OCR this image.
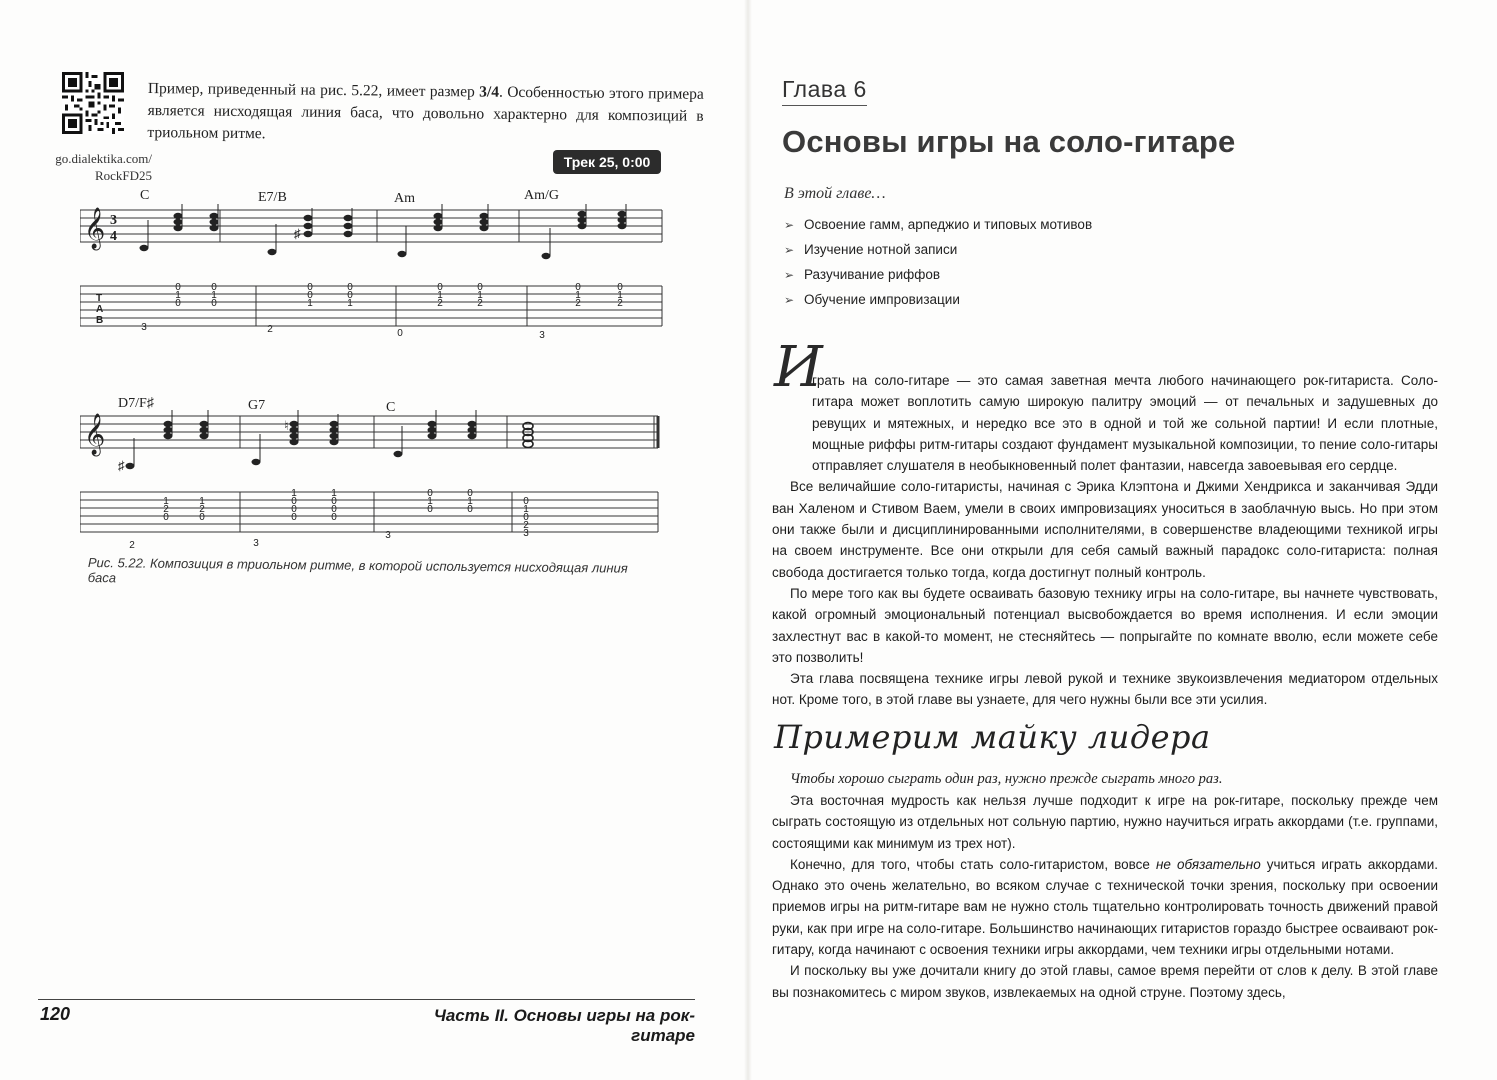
go.dialektika.com/
RockFD25
Пример, приведенный на рис. 5.22, имеет размер 3/4. Особенностью этого примера является нисходящая линия баса, что довольно характерно для композиций в триольном ритме.
Трек 25, 0:00
C	E7/B	Am	Am/G
𝄞 3
4	♯
T
A
B
3
0
1
0
0
1
0
2
0
0
1
0
0
1
0
0
1
2
0
1
2
3
0
1
2
0
1
2
D7/F♯	G7	C
𝄞
♯
♮
2
1
2
0
1
2
0
3
1
0
0
0
1
0
0
0
3
0
1
0
0
1
0
0
1
0
2
3
Рис. 5.22. Композиция в триольном ритме, в которой используется нисходящая линия баса
120	Часть II. Основы игры на рок-гитаре
Глава 6
Основы игры на соло-гитаре
В этой главе…
➢ Освоение гамм, арпеджио и типовых мотивов
➢ Изучение нотной записи
➢ Разучивание риффов
➢ Обучение импровизации
И

грать на соло-гитаре — это самая заветная мечта любого начинающего рок-гитариста. Соло-гитара может воплотить самую широкую палитру эмоций — от печальных и задушевных до ревущих и мятежных, и нередко все это в одной и той же сольной партии! И если плотные, мощные риффы ритм-гитары создают фундамент музыкальной композиции, то пение соло-гитары отправляет слушателя в необыкновенный полет фантазии, навсегда завоевывая его сердце.

Все величайшие соло-гитаристы, начиная с Эрика Клэптона и Джими Хендрикса и заканчивая Эдди ван Халеном и Стивом Ваем, умели в своих импровизациях уноситься в заоблачную высь. Но при этом они также были и дисциплинированными исполнителями, в совершенстве владеющими техникой игры на своем инструменте. Все они открыли для себя самый важный парадокс соло-гитариста: полная свобода достигается только тогда, когда достигнут полный контроль.

По мере того как вы будете осваивать базовую технику игры на соло-гитаре, вы начнете чувствовать, какой огромный эмоциональный потенциал высвобождается во время исполнения. И если эмоции захлестнут вас в какой-то момент, не стесняйтесь — попрыгайте по комнате вволю, если можете себе это позволить!

Эта глава посвящена технике игры левой рукой и технике звукоизвлечения медиатором отдельных нот. Кроме того, в этой главе вы узнаете, для чего нужны были все эти усилия.

Примерим майку лидера
Чтобы хорошо сыграть один раз, нужно прежде сыграть много раз.

Эта восточная мудрость как нельзя лучше подходит к игре на рок-гитаре, поскольку прежде чем сыграть состоящую из отдельных нот сольную партию, нужно научиться играть аккордами (т.е. группами, состоящими как минимум из трех нот).

Конечно, для того, чтобы стать соло-гитаристом, вовсе не обязательно учиться играть аккордами. Однако это очень желательно, во всяком случае с технической точки зрения, поскольку при освоении приемов игры на ритм-гитаре вам не нужно столь тщательно контролировать точность движений правой руки, как при игре на соло-гитаре. Большинство начинающих гитаристов гораздо быстрее осваивают рок-гитару, когда начинают с освоения техники игры аккордами, чем техники игры отдельными нотами.

И поскольку вы уже дочитали книгу до этой главы, самое время перейти от слов к делу. В этой главе вы познакомитесь с миром звуков, извлекаемых на одной струне. Поэтому здесь,
